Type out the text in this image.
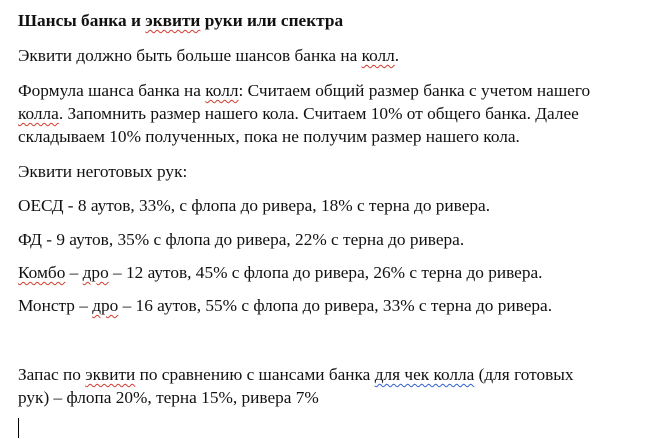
Шансы банка и эквити руки или спектра
Эквити должно быть больше шансов банка на колл.
Формула шанса банка на колл: Считаем общий размер банка с учетом нашего
колла. Запомнить размер нашего кола. Считаем 10% от общего банка. Далее
складываем 10% полученных, пока не получим размер нашего кола.
Эквити неготовых рук:
ОЕСД - 8 аутов, 33%, с флопа до ривера, 18% с терна до ривера.
ФД - 9 аутов, 35% с флопа до ривера, 22% с терна до ривера.
Комбо – дро – 12 аутов, 45% с флопа до ривера, 26% с терна до ривера.
Монстр – дро – 16 аутов, 55% с флопа до ривера, 33% с терна до ривера.
Запас по эквити по сравнению с шансами банка для чек колла (для готовых
рук) – флопа 20%, терна 15%, ривера 7%
